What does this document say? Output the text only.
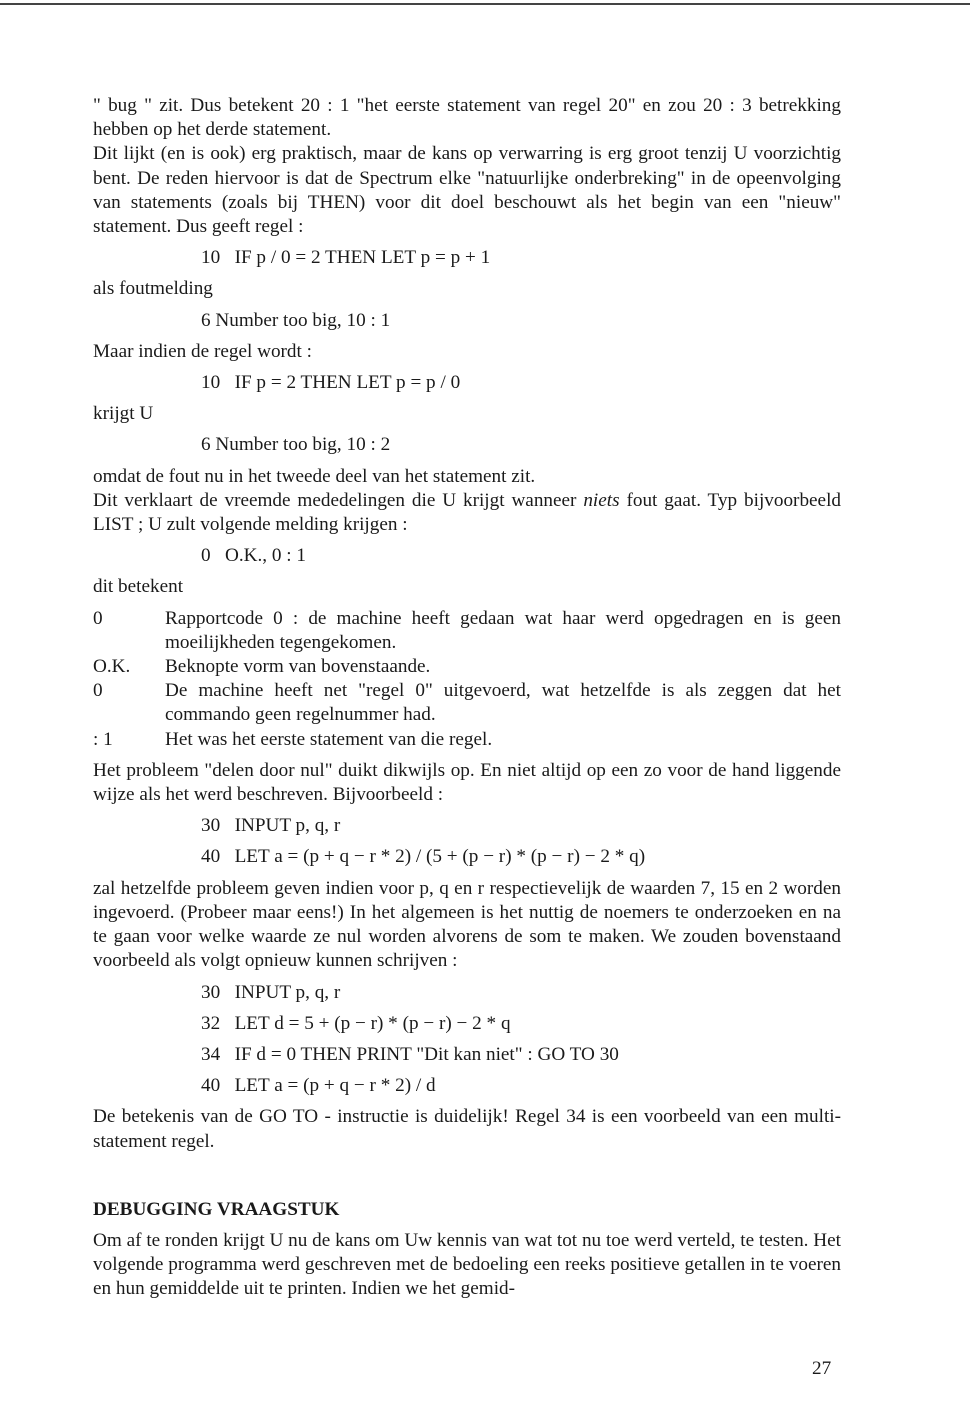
" bug " zit. Dus betekent 20 : 1 "het eerste statement van regel 20" en zou 20 : 3 betrekking hebben op het derde statement.

Dit lijkt (en is ook) erg praktisch, maar de kans op verwarring is erg groot tenzij U voorzichtig bent. De reden hiervoor is dat de Spectrum elke "natuurlijke onderbreking" in de opeenvolging van statements (zoals bij THEN) voor dit doel beschouwt als het begin van een "nieuw" statement. Dus geeft regel :

10   IF p / 0 = 2 THEN LET p = p + 1

als foutmelding

6 Number too big, 10 : 1

Maar indien de regel wordt :

10   IF p = 2 THEN LET p = p / 0

krijgt U

6 Number too big, 10 : 2

omdat de fout nu in het tweede deel van het statement zit.

Dit verklaart de vreemde mededelingen die U krijgt wanneer niets fout gaat. Typ bijvoorbeeld LIST ; U zult volgende melding krijgen :

0   O.K., 0 : 1

dit betekent

0	Rapportcode 0 : de machine heeft gedaan wat haar werd opgedragen en is geen moeilijkheden tegengekomen.
O.K.	Beknopte vorm van bovenstaande.
0	De machine heeft net "regel 0" uitgevoerd, wat hetzelfde is als zeggen dat het commando geen regelnummer had.
: 1	Het was het eerste statement van die regel.

Het probleem "delen door nul" duikt dikwijls op. En niet altijd op een zo voor de hand liggende wijze als het werd beschreven. Bijvoorbeeld :

30   INPUT p, q, r

40   LET a = (p + q − r * 2) / (5 + (p − r) * (p − r) − 2 * q)

zal hetzelfde probleem geven indien voor p, q en r respectievelijk de waarden 7, 15 en 2 worden ingevoerd. (Probeer maar eens!) In het algemeen is het nuttig de noemers te onderzoeken en na te gaan voor welke waarde ze nul worden alvorens de som te maken. We zouden bovenstaand voorbeeld als volgt opnieuw kunnen schrijven :

30   INPUT p, q, r

32   LET d = 5 + (p − r) * (p − r) − 2 * q

34   IF d = 0 THEN PRINT "Dit kan niet" : GO TO 30

40   LET a = (p + q − r * 2) / d

De betekenis van de GO TO - instructie is duidelijk! Regel 34 is een voorbeeld van een multi-statement regel.

DEBUGGING VRAAGSTUK

Om af te ronden krijgt U nu de kans om Uw kennis van wat tot nu toe werd verteld, te testen. Het volgende programma werd geschreven met de bedoeling een reeks positieve getallen in te voeren en hun gemiddelde uit te printen. Indien we het gemid-

27
